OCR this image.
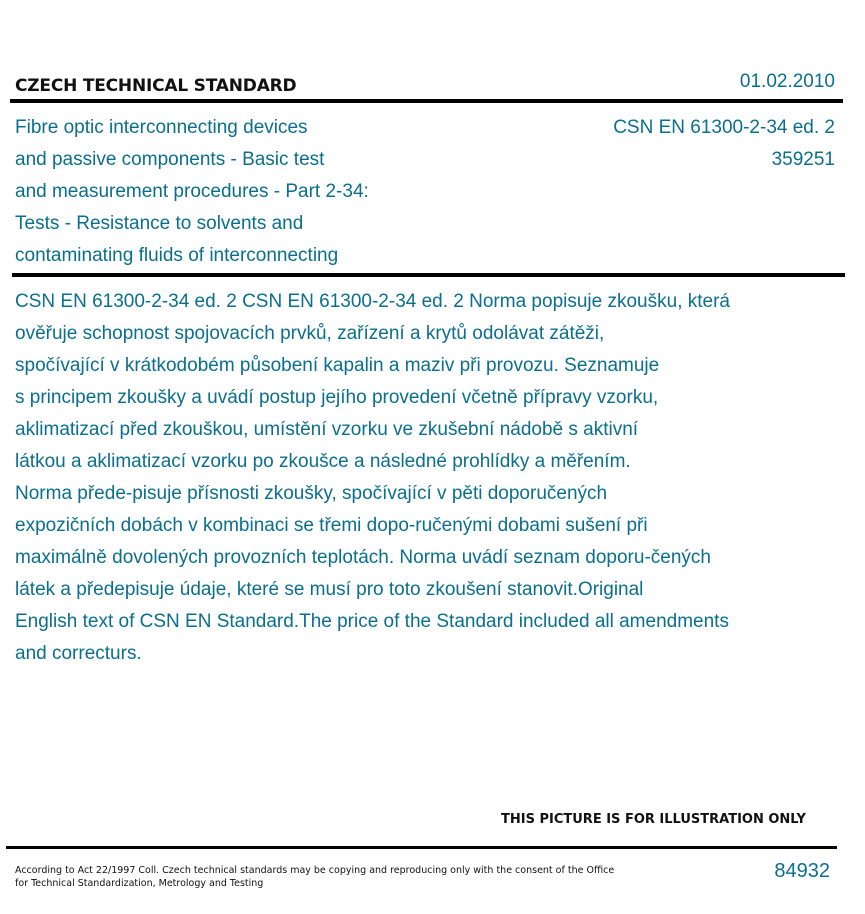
CZECH TECHNICAL STANDARD	01.02.2010
Fibre optic interconnecting devices
and passive components - Basic test
and measurement procedures - Part 2-34:
Tests - Resistance to solvents and
contaminating fluids of interconnecting
CSN EN 61300-2-34 ed. 2
359251
CSN EN 61300-2-34 ed. 2 CSN EN 61300-2-34 ed. 2 Norma popisuje zkoušku, která
ověřuje schopnost spojovacích prvků, zařízení a krytů odolávat zátěži,
spočívající v krátkodobém působení kapalin a maziv při provozu. Seznamuje
s principem zkoušky a uvádí postup jejího provedení včetně přípravy vzorku,
aklimatizací před zkouškou, umístění vzorku ve zkušební nádobě s aktivní
látkou a aklimatizací vzorku po zkoušce a následné prohlídky a měřením.
Norma přede-pisuje přísnosti zkoušky, spočívající v pěti doporučených
expozičních dobách v kombinaci se třemi dopo-ručenými dobami sušení při
maximálně dovolených provozních teplotách. Norma uvádí seznam doporu-čených
látek a předepisuje údaje, které se musí pro toto zkoušení stanovit.Original
English text of CSN EN Standard.The price of the Standard included all amendments
and correcturs.
THIS PICTURE IS FOR ILLUSTRATION ONLY
According to Act 22/1997 Coll. Czech technical standards may be copying and reproducing only with the consent of the Office
for Technical Standardization, Metrology and Testing
84932
